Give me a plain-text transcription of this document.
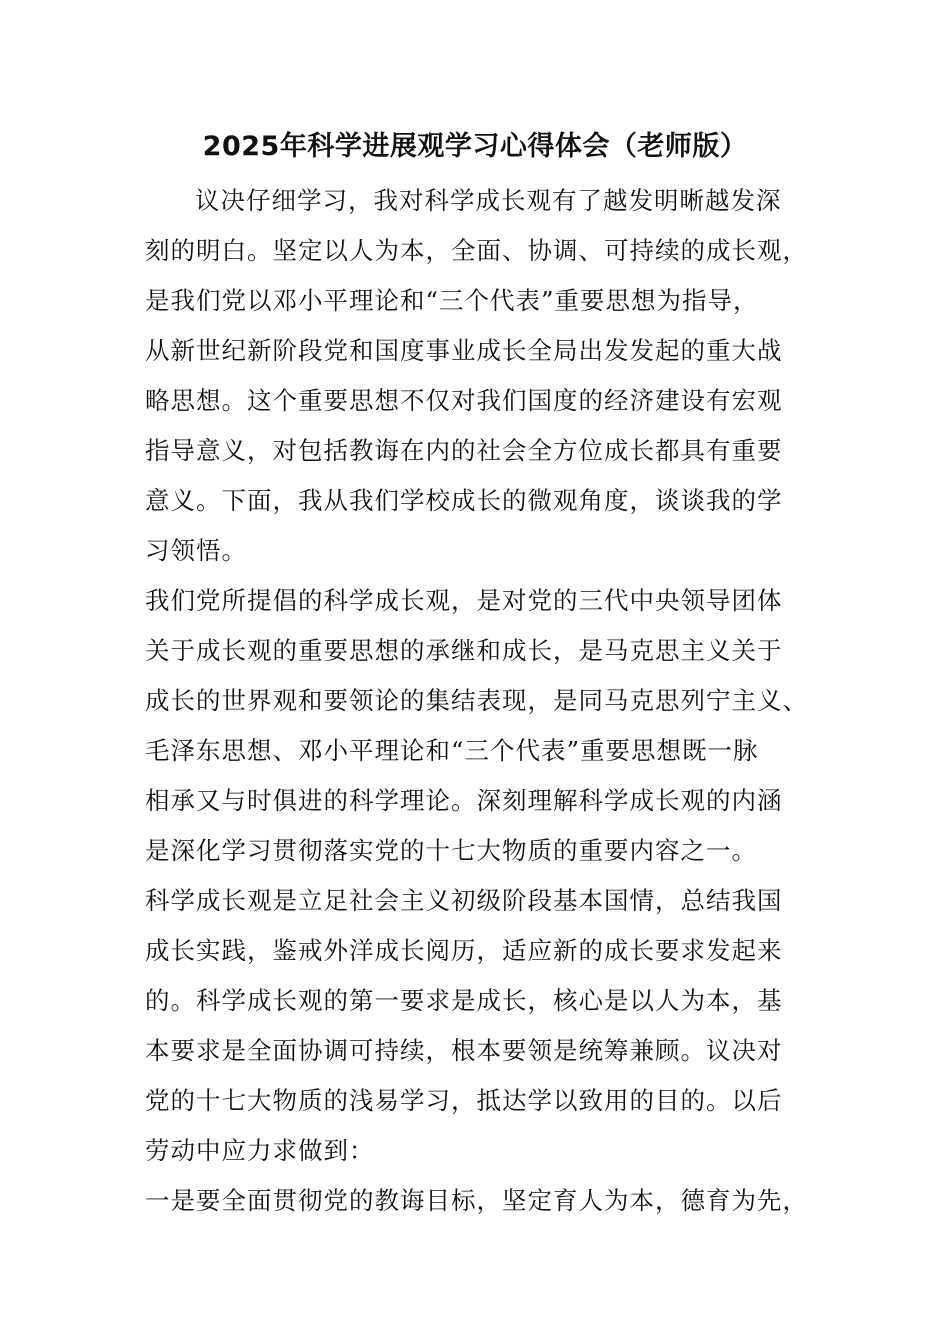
2025年科学进展观学习心得体会（老师版）
议决仔细学习，我对科学成长观有了越发明晰越发深
刻的明白。坚定以人为本，全面、协调、可持续的成长观，
是我们党以邓小平理论和“三个代表”重要思想为指导，
从新世纪新阶段党和国度事业成长全局出发发起的重大战
略思想。这个重要思想不仅对我们国度的经济建设有宏观
指导意义，对包括教诲在内的社会全方位成长都具有重要
意义。下面，我从我们学校成长的微观角度，谈谈我的学
习领悟。
我们党所提倡的科学成长观，是对党的三代中央领导团体
关于成长观的重要思想的承继和成长，是马克思主义关于
成长的世界观和要领论的集结表现，是同马克思列宁主义、
毛泽东思想、邓小平理论和“三个代表”重要思想既一脉
相承又与时俱进的科学理论。深刻理解科学成长观的内涵
是深化学习贯彻落实党的十七大物质的重要内容之一。
科学成长观是立足社会主义初级阶段基本国情，总结我国
成长实践，鉴戒外洋成长阅历，适应新的成长要求发起来
的。科学成长观的第一要求是成长，核心是以人为本，基
本要求是全面协调可持续，根本要领是统筹兼顾。议决对
党的十七大物质的浅易学习，抵达学以致用的目的。以后
劳动中应力求做到：
一是要全面贯彻党的教诲目标，坚定育人为本，德育为先，
